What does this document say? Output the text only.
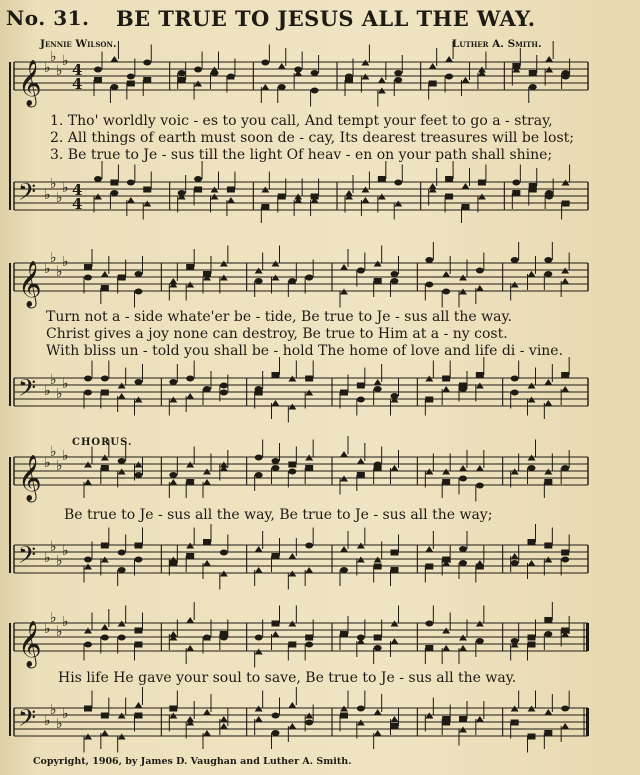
No. 31. BE TRUE TO JESUS ALL THE WAY.
Jennie Wilson.	Luther A. Smith.
𝄞 ♭
♭
♭
♭ 4
4
𝄢 ♭
♭
♭
♭ 4
4
𝄞 ♭
♭
♭
♭
𝄢 ♭
♭
♭
♭
𝄞 ♭
♭
♭
♭
𝄢 ♭
♭
♭
♭
𝄞 ♭
♭
♭
♭
𝄢 ♭
♭
♭
♭
1. Tho' worldly voic - es to you call, And tempt your feet to go a - stray,
2. All things of earth must soon de - cay, Its dearest treasures will be lost;
3. Be true to Je - sus till the light Of heav - en on your path shall shine;
Turn not a - side whate'er be - tide, Be true to Je - sus all the way.
Christ gives a joy none can destroy, Be true to Him at a - ny cost.
With bliss un - told you shall be - hold The home of love and life di - vine.
CHORUS.
Be true to Je - sus all the way, Be true to Je - sus all the way;
His life He gave your soul to save, Be true to Je - sus all the way.
Copyright, 1906, by James D. Vaughan and Luther A. Smith.
